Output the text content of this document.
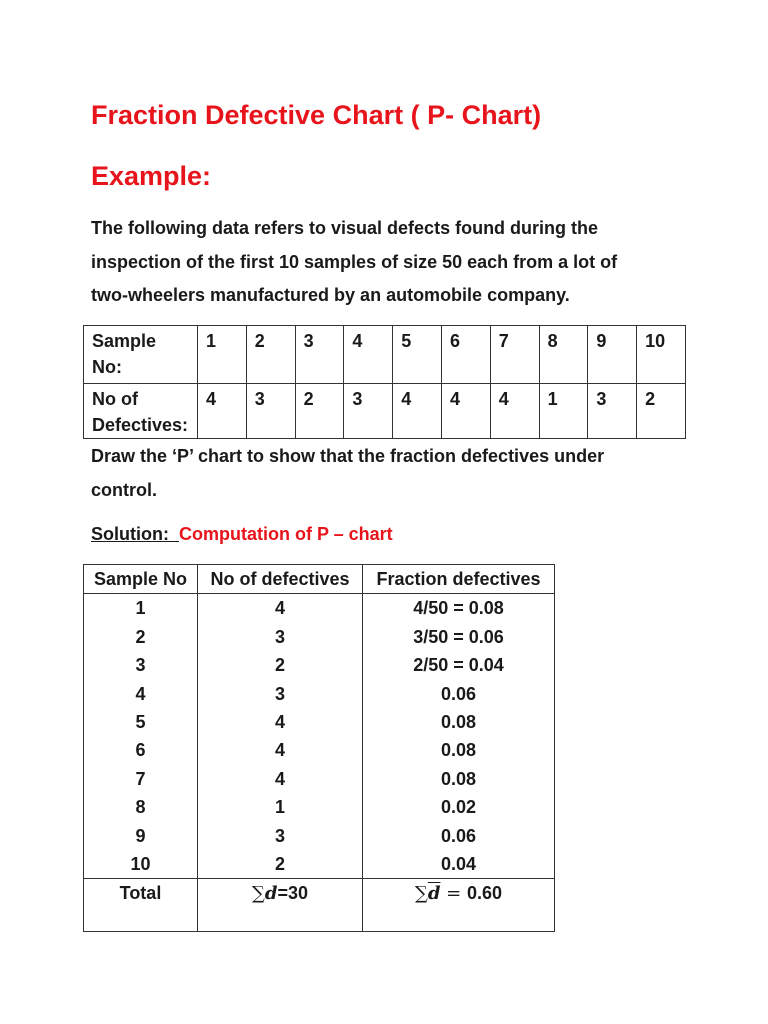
Fraction Defective Chart ( P- Chart)
Example:
The following data refers to visual defects found during the
inspection of the first 10 samples of size 50 each from a lot of
two-wheelers manufactured by an automobile company.
Sample
No:	1	2	3	4	5	6	7	8	9	10
No of
Defectives:	4	3	2	3	4	4	4	1	3	2
Draw the ‘P’ chart to show that the fraction defectives under
control.
Solution: Computation of P – chart
Sample No	No of defectives	Fraction defectives
1	4	4/50 = 0.08
2	3	3/50 = 0.06
3	2	2/50 = 0.04
4	3	0.06
5	4	0.08
6	4	0.08
7	4	0.08
8	1	0.02
9	3	0.06
10	2	0.04
Total	∑d=30	$\sum\overline{d} = 0.60$
